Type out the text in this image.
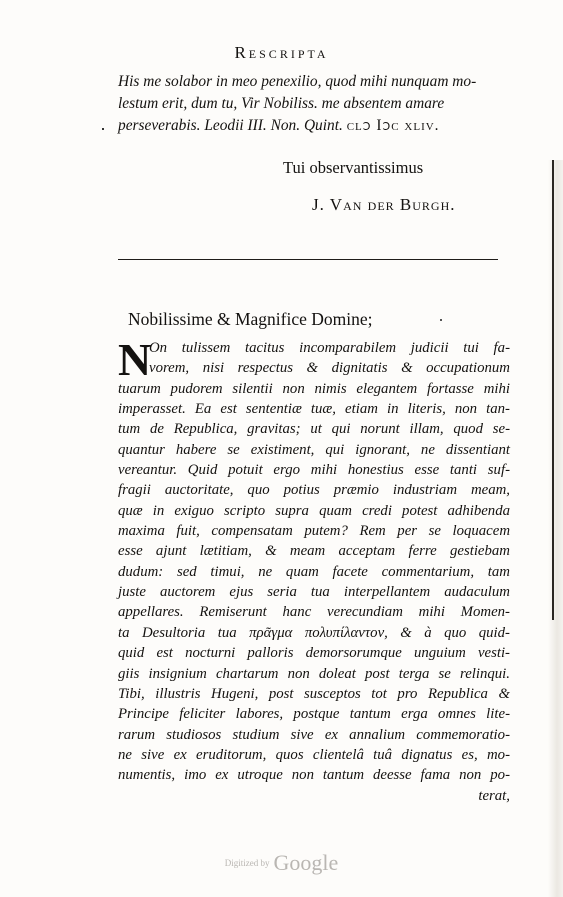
Rescripta
His me solabor in meo penexilio, quod mihi nunquam mo-
lestum erit, dum tu, Vir Nobiliss. me absentem amare
perseverabis. Leodii III. Non. Quint. clↄ Iↄc xliv.
Tui observantissimus
J. Van der Burgh.
Nobilissime & Magnifice Domine;
N
On tulissem tacitus incomparabilem judicii tui fa-
vorem, nisi respectus & dignitatis & occupationum
tuarum pudorem silentii non nimis elegantem fortasse mihi
imperasset. Ea est sententiæ tuæ, etiam in literis, non tan-
tum de Republica, gravitas; ut qui norunt illam, quod se-
quantur habere se existiment, qui ignorant, ne dissentiant
vereantur. Quid potuit ergo mihi honestius esse tanti suf-
fragii auctoritate, quo potius præmio industriam meam,
quæ in exiguo scripto supra quam credi potest adhibenda
maxima fuit, compensatam putem? Rem per se loquacem
esse ajunt lætitiam, & meam acceptam ferre gestiebam
dudum: sed timui, ne quam facete commentarium, tam
juste auctorem ejus seria tua interpellantem audaculum
appellares. Remiserunt hanc verecundiam mihi Momen-
ta Desultoria tua πρᾶγμα πολυπίλαντον, & à quo quid-
quid est nocturni palloris demorsorumque unguium vesti-
giis insignium chartarum non doleat post terga se relinqui.
Tibi, illustris Hugeni, post susceptos tot pro Republica &
Principe feliciter labores, postque tantum erga omnes lite-
rarum studiosos studium sive ex annalium commemoratio-
ne sive ex eruditorum, quos clientelâ tuâ dignatus es, mo-
numentis, imo ex utroque non tantum deesse fama non po-
terat,
Digitized by Google
